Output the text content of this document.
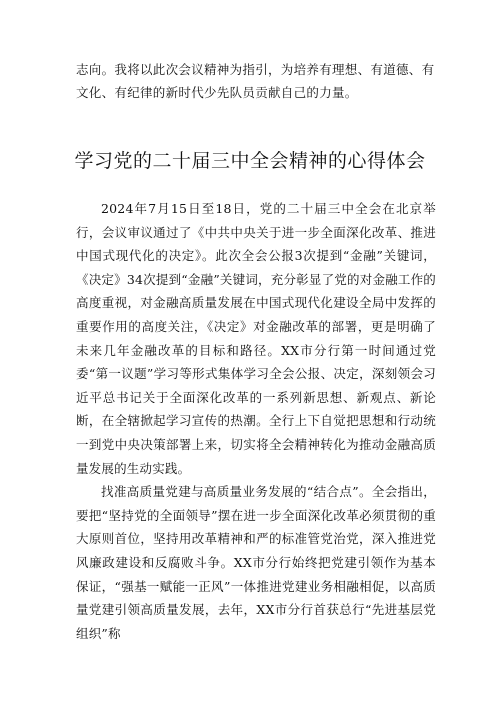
志向。我将以此次会议精神为指引，为培养有理想、有道德、有文化、有纪律的新时代少先队员贡献自己的力量。

学习党的二十届三中全会精神的心得体会

2024年7月15日至18日，党的二十届三中全会在北京举行，会议审议通过了《中共中央关于进一步全面深化改革、推进中国式现代化的决定》。此次全会公报3次提到“金融”关键词，《决定》34次提到“金融”关键词，充分彰显了党的对金融工作的高度重视，对金融高质量发展在中国式现代化建设全局中发挥的重要作用的高度关注，《决定》对金融改革的部署，更是明确了未来几年金融改革的目标和路径。XX市分行第一时间通过党委“第一议题”学习等形式集体学习全会公报、决定，深刻领会习近平总书记关于全面深化改革的一系列新思想、新观点、新论断，在全辖掀起学习宣传的热潮。全行上下自觉把思想和行动统一到党中央决策部署上来，切实将全会精神转化为推动金融高质量发展的生动实践。

找准高质量党建与高质量业务发展的“结合点”。全会指出，要把“坚持党的全面领导”摆在进一步全面深化改革必须贯彻的重大原则首位，坚持用改革精神和严的标准管党治党，深入推进党风廉政建设和反腐败斗争。XX市分行始终把党建引领作为基本保证，“强基一赋能一正风”一体推进党建业务相融相促，以高质量党建引领高质量发展，去年，XX市分行首获总行“先进基层党组织”称
